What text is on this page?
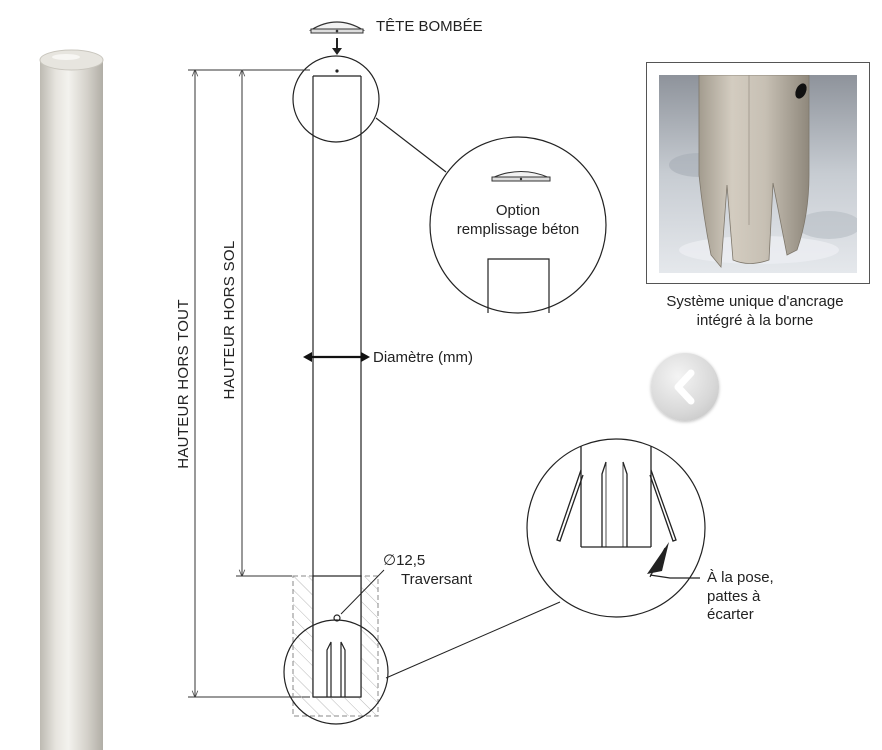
TÊTE BOMBÉE
Option
remplissage béton
HAUTEUR HORS TOUT HAUTEUR HORS SOL	Diamètre (mm)
∅12,5
Traversant	À la pose,
pattes à
écarter
Système unique d'ancrage
intégré à la borne
